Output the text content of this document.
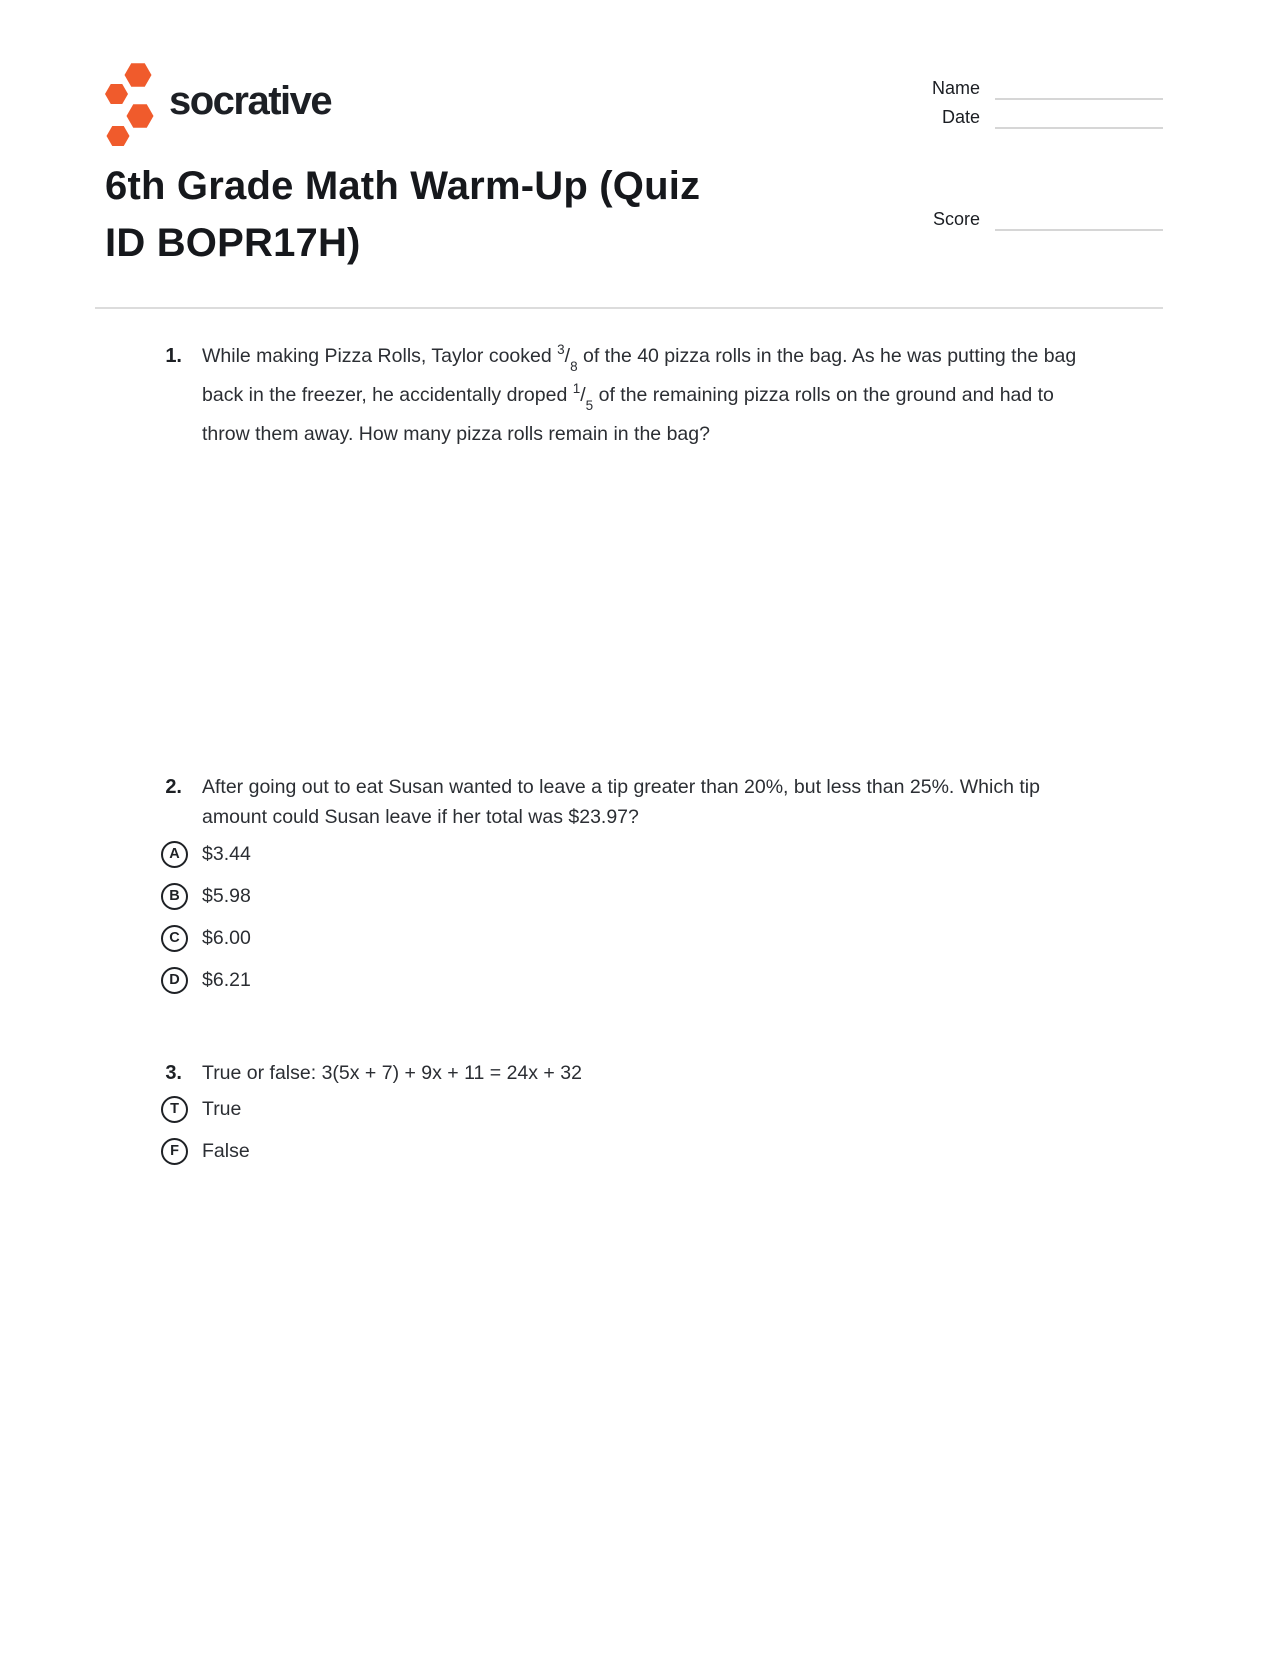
socrative	Name
Date
Score
6th Grade Math Warm-Up (Quiz
ID BOPR17H)
1. While making Pizza Rolls, Taylor cooked $^3/_8$ of the 40 pizza rolls in the bag. As he was putting the bag back in the freezer, he accidentally droped $^1/_5$ of the remaining pizza rolls on the ground and had to throw them away. How many pizza rolls remain in the bag?

2. After going out to eat Susan wanted to leave a tip greater than 20%, but less than 25%. Which tip amount could Susan leave if her total was $23.97?

A $3.44
B $5.98
C $6.00
D $6.21
3. True or false: 3(5x + 7) + 9x + 11 = 24x + 32

T True
F False
